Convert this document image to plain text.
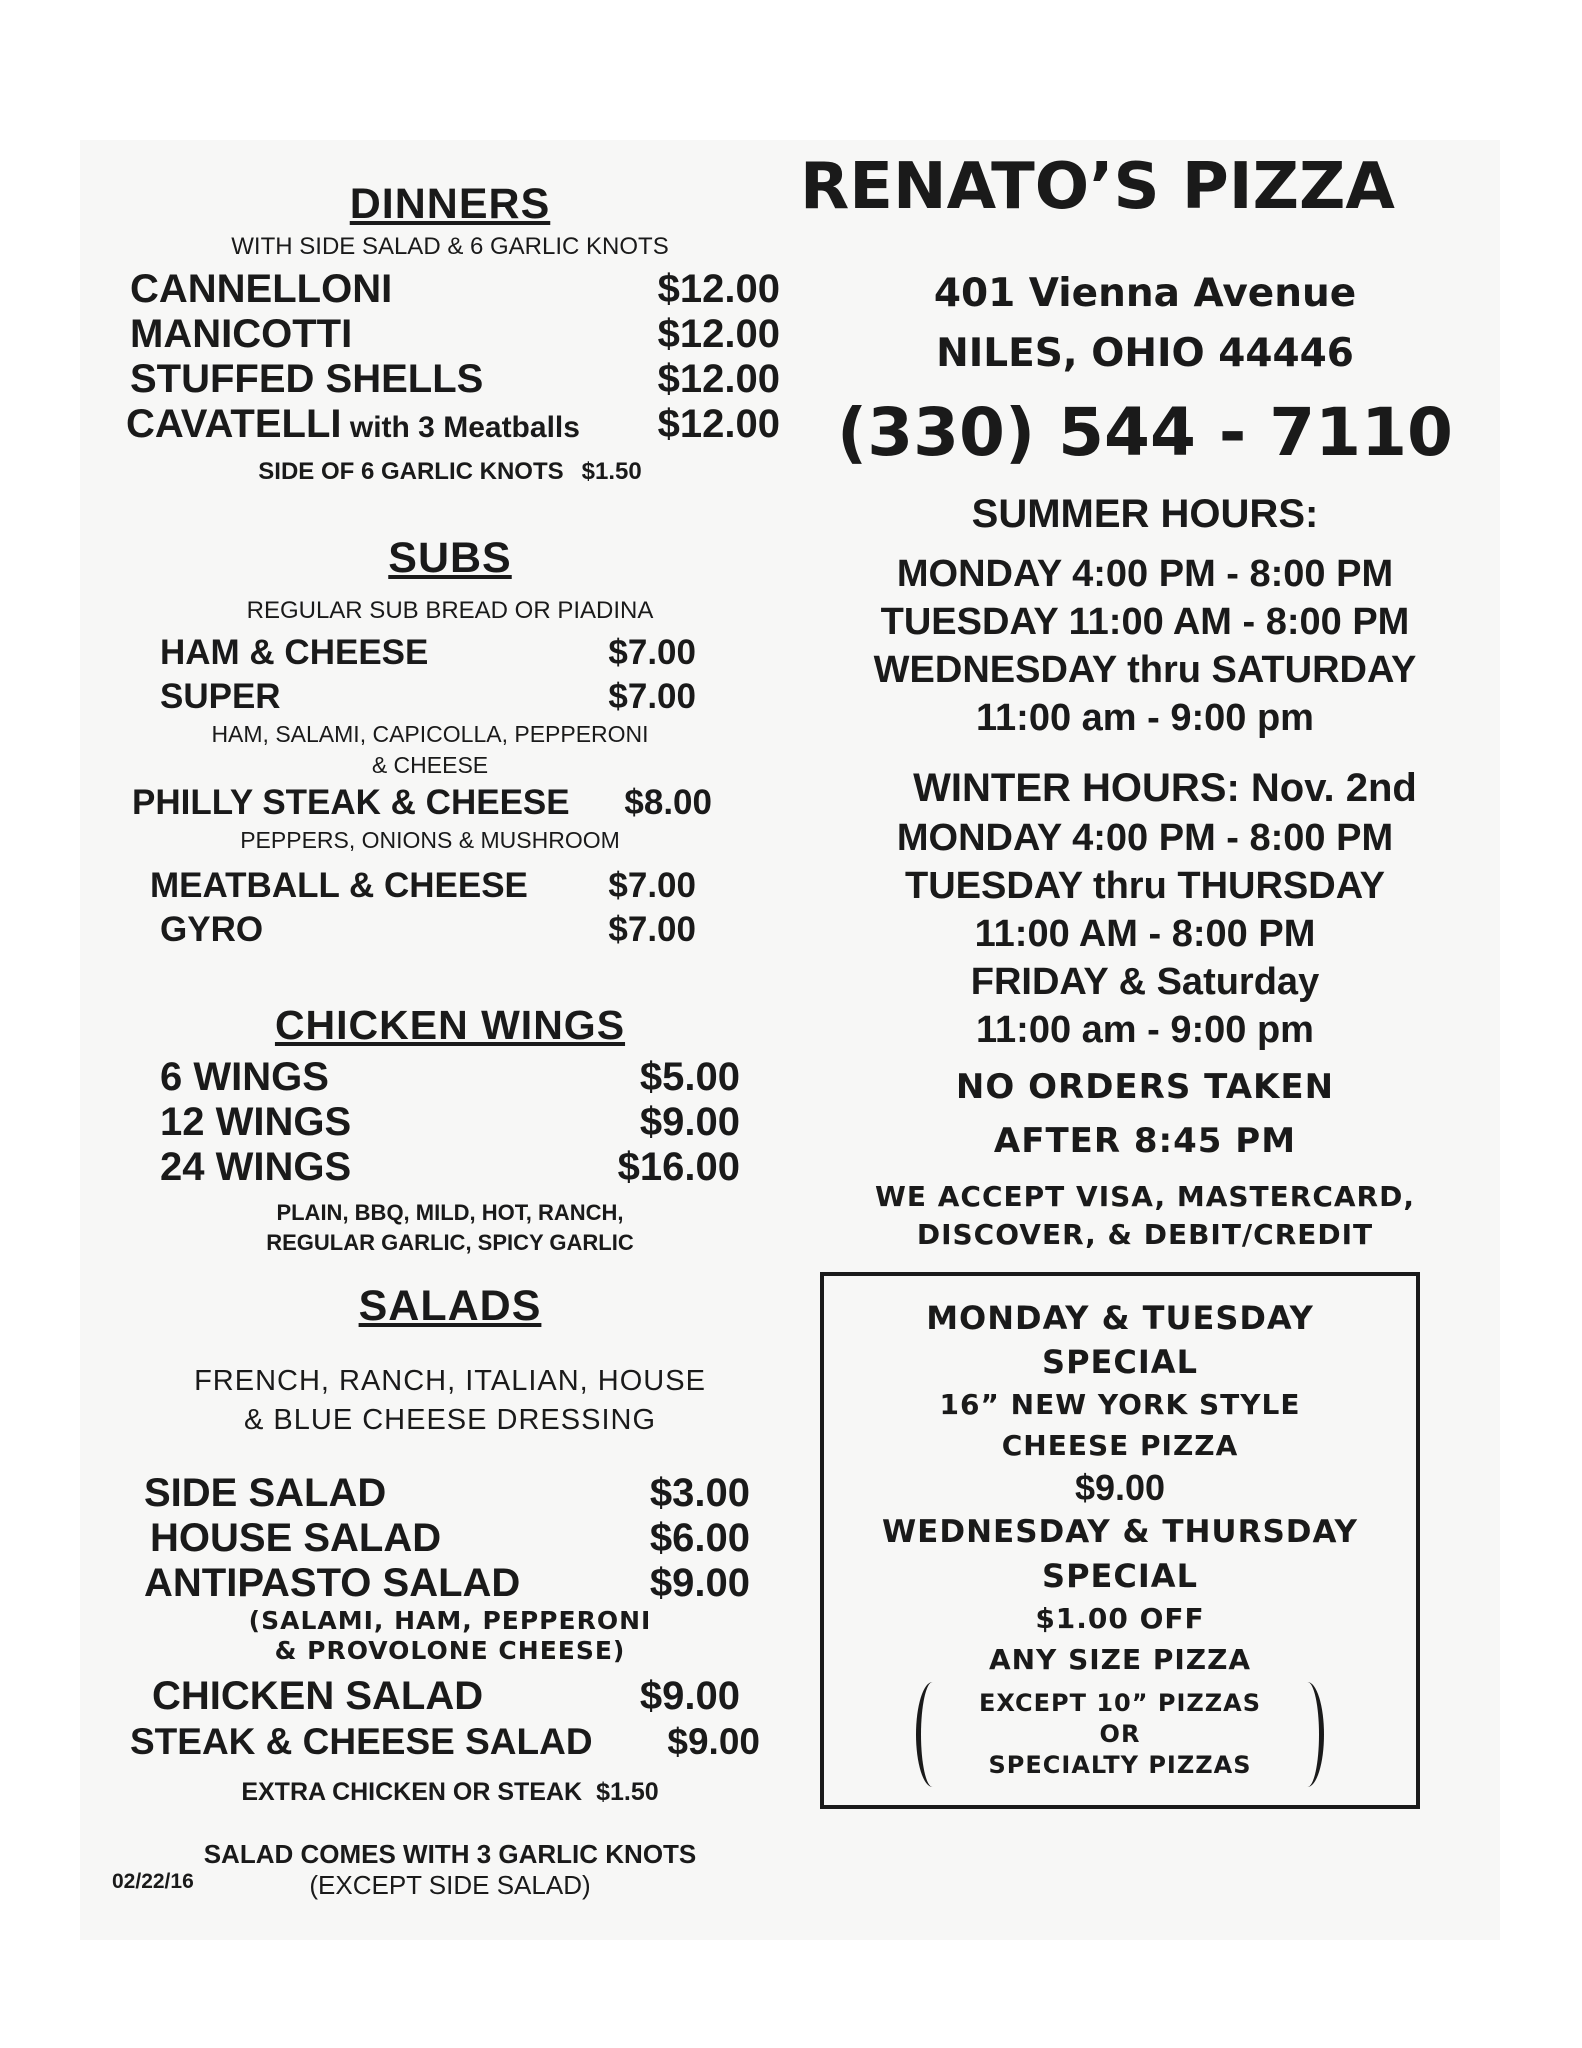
DINNERS
WITH SIDE SALAD & 6 GARLIC KNOTS
CANNELLONI	$12.00
MANICOTTI	$12.00
STUFFED SHELLS	$12.00
CAVATELLI with 3 Meatballs $12.00
SIDE OF 6 GARLIC KNOTS $1.50
SUBS
REGULAR SUB BREAD OR PIADINA
HAM & CHEESE	$7.00
SUPER	$7.00
HAM, SALAMI, CAPICOLLA, PEPPERONI
& CHEESE
PHILLY STEAK & CHEESE $8.00
PEPPERS, ONIONS & MUSHROOM
MEATBALL & CHEESE $7.00
GYRO	$7.00
CHICKEN WINGS
6 WINGS	$5.00
12 WINGS	$9.00
24 WINGS	$16.00
PLAIN, BBQ, MILD, HOT, RANCH,
REGULAR GARLIC, SPICY GARLIC
SALADS
FRENCH, RANCH, ITALIAN, HOUSE
& BLUE CHEESE DRESSING
SIDE SALAD	$3.00
HOUSE SALAD	$6.00
ANTIPASTO SALAD	$9.00
(SALAMI, HAM, PEPPERONI
& PROVOLONE CHEESE)
CHICKEN SALAD	$9.00
STEAK & CHEESE SALAD $9.00
EXTRA CHICKEN OR STEAK $1.50
SALAD COMES WITH 3 GARLIC KNOTS
(EXCEPT SIDE SALAD)
02/22/16
RENATO’S PIZZA
401 Vienna Avenue
NILES, OHIO 44446
(330) 544 - 7110
SUMMER HOURS:
MONDAY 4:00 PM - 8:00 PM
TUESDAY 11:00 AM - 8:00 PM
WEDNESDAY thru SATURDAY
11:00 am - 9:00 pm
WINTER HOURS: Nov. 2nd
MONDAY 4:00 PM - 8:00 PM
TUESDAY thru THURSDAY
11:00 AM - 8:00 PM
FRIDAY & Saturday
11:00 am - 9:00 pm
NO ORDERS TAKEN
AFTER 8:45 PM
WE ACCEPT VISA, MASTERCARD,
DISCOVER, & DEBIT/CREDIT
MONDAY & TUESDAY
SPECIAL
16” NEW YORK STYLE
CHEESE PIZZA
$9.00
WEDNESDAY & THURSDAY
SPECIAL
$1.00 OFF
ANY SIZE PIZZA
EXCEPT 10” PIZZAS
OR
SPECIALTY PIZZAS
